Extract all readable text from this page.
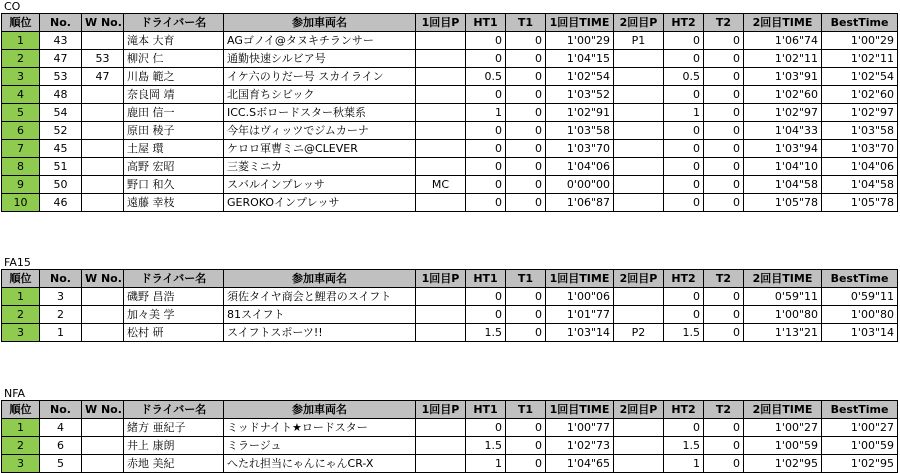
CO
順位	No.	W No.	ドライバー名	参加車両名	1回目P	HT1	T1	1回目TIME	2回目P	HT2	T2	2回目TIME	BestTime
1	43		滝本 大育	AGゴノイ@タヌキチランサー		0	0	1'00"29	P1	0	0	1'06"74	1'00"29
2	47	53	柳沢 仁	通勤快速シルビア号		0	0	1'04"15		0	0	1'02"11	1'02"11
3	53	47	川島 範之	イケ六のりだー号 スカイライン		0.5	0	1'02"54		0.5	0	1'03"91	1'02"54
4	48		奈良岡 靖	北国育ちシビック		0	0	1'03"52		0	0	1'02"60	1'02"60
5	54		鹿田 信一	ICC.Sボロードスター秋葉系		1	0	1'02"91		1	0	1'02"97	1'02"97
6	52		原田 稜子	今年はヴィッツでジムカーナ		0	0	1'03"58		0	0	1'04"33	1'03"58
7	45		土屋 環	ケロロ軍曹ミニ@CLEVER		0	0	1'03"70		0	0	1'03"94	1'03"70
8	51		高野 宏昭	三菱ミニカ		0	0	1'04"06		0	0	1'04"10	1'04"06
9	50		野口 和久	スバルインプレッサ	MC	0	0	0'00"00		0	0	1'04"58	1'04"58
10	46		遠藤 幸枝	GEROKOインプレッサ		0	0	1'06"87		0	0	1'05"78	1'05"78
FA15
順位	No.	W No.	ドライバー名	参加車両名	1回目P	HT1	T1	1回目TIME	2回目P	HT2	T2	2回目TIME	BestTime
1	3		磯野 昌浩	須佐タイヤ商会と鯉君のスイフト		0	0	1'00"06		0	0	0'59"11	0'59"11
2	2		加々美 学	81スイフト		0	0	1'01"77		0	0	1'00"80	1'00"80
3	1		松村 研	スイフトスポーツ!!		1.5	0	1'03"14	P2	1.5	0	1'13"21	1'03"14
NFA
順位	No.	W No.	ドライバー名	参加車両名	1回目P	HT1	T1	1回目TIME	2回目P	HT2	T2	2回目TIME	BestTime
1	4		緒方 亜紀子	ミッドナイト★ロードスター		0	0	1'00"77		0	0	1'00"27	1'00"27
2	6		井上 康朗	ミラージュ		1.5	0	1'02"73		1.5	0	1'00"59	1'00"59
3	5		赤地 美紀	へたれ担当にゃんにゃんCR-X		1	0	1'04"65		1	0	1'02"95	1'02"95
